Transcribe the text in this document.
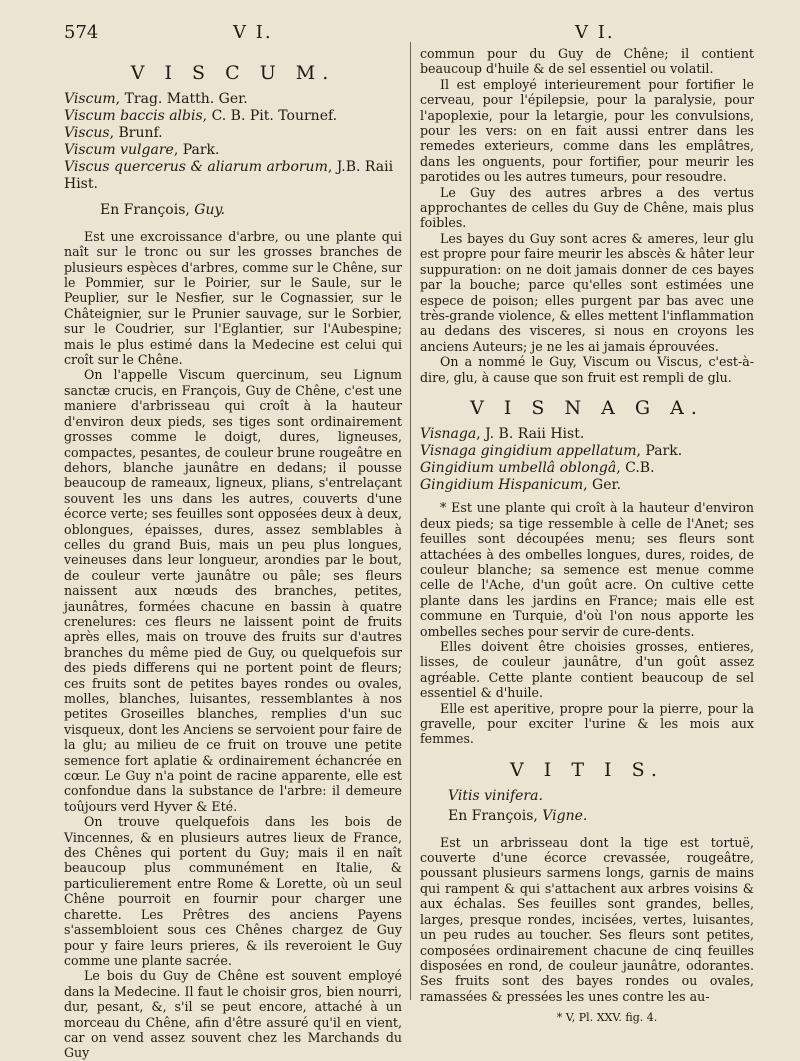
574	V I.	V I.
V I S C U M.
Viscum, Trag. Matth. Ger.
Viscum baccis albis, C. B. Pit. Tournef.
Viscus, Brunf.
Viscum vulgare, Park.
Viscus quercerus & aliarum arborum, J.B. Raii Hist.
En François, Guy.

Est une excroissance d'arbre, ou une plante qui naît sur le tronc ou sur les grosses branches de plusieurs espèces d'arbres, comme sur le Chêne, sur le Pommier, sur le Poirier, sur le Saule, sur le Peuplier, sur le Nesfier, sur le Cognassier, sur le Châteignier, sur le Prunier sauvage, sur le Sorbier, sur le Coudrier, sur l'Eglantier, sur l'Aubespine; mais le plus estimé dans la Medecine est celui qui croît sur le Chêne.

On l'appelle Viscum quercinum, seu Lignum sanctæ crucis, en François, Guy de Chêne, c'est une maniere d'arbrisseau qui croît à la hauteur d'environ deux pieds, ses tiges sont ordinairement grosses comme le doigt, dures, ligneuses, compactes, pesantes, de couleur brune rougeâtre en dehors, blanche jaunâtre en dedans; il pousse beaucoup de rameaux, ligneux, plians, s'entrelaçant souvent les uns dans les autres, couverts d'une écorce verte; ses feuilles sont opposées deux à deux, oblongues, épaisses, dures, assez semblables à celles du grand Buis, mais un peu plus longues, veineuses dans leur longueur, arondies par le bout, de couleur verte jaunâtre ou pâle; ses fleurs naissent aux nœuds des branches, petites, jaunâtres, formées chacune en bassin à quatre crenelures: ces fleurs ne laissent point de fruits après elles, mais on trouve des fruits sur d'autres branches du même pied de Guy, ou quelquefois sur des pieds differens qui ne portent point de fleurs; ces fruits sont de petites bayes rondes ou ovales, molles, blanches, luisantes, ressemblantes à nos petites Groseilles blanches, remplies d'un suc visqueux, dont les Anciens se servoient pour faire de la glu; au milieu de ce fruit on trouve une petite semence fort aplatie & ordinairement échancrée en cœur. Le Guy n'a point de racine apparente, elle est confondue dans la substance de l'arbre: il demeure toûjours verd Hyver & Eté.

On trouve quelquefois dans les bois de Vincennes, & en plusieurs autres lieux de France, des Chênes qui portent du Guy; mais il en naît beaucoup plus communément en Italie, & particulierement entre Rome & Lorette, où un seul Chêne pourroit en fournir pour charger une charette. Les Prêtres des anciens Payens s'assembloient sous ces Chênes chargez de Guy pour y faire leurs prieres, & ils reveroient le Guy comme une plante sacrée.

Le bois du Guy de Chêne est souvent employé dans la Medecine. Il faut le choisir gros, bien nourri, dur, pesant, &, s'il se peut encore, attaché à un morceau du Chêne, afin d'être assuré qu'il en vient, car on vend assez souvent chez les Marchands du Guy

commun pour du Guy de Chêne; il contient beaucoup d'huile & de sel essentiel ou volatil.

Il est employé interieurement pour fortifier le cerveau, pour l'épilepsie, pour la paralysie, pour l'apoplexie, pour la letargie, pour les convulsions, pour les vers: on en fait aussi entrer dans les remedes exterieurs, comme dans les emplâtres, dans les onguents, pour fortifier, pour meurir les parotides ou les autres tumeurs, pour resoudre.

Le Guy des autres arbres a des vertus approchantes de celles du Guy de Chêne, mais plus foibles.

Les bayes du Guy sont acres & ameres, leur glu est propre pour faire meurir les abscès & hâter leur suppuration: on ne doit jamais donner de ces bayes par la bouche; parce qu'elles sont estimées une espece de poison; elles purgent par bas avec une très-grande violence, & elles mettent l'inflammation au dedans des visceres, si nous en croyons les anciens Auteurs; je ne les ai jamais éprouvées.

On a nommé le Guy, Viscum ou Viscus, c'est-à-dire, glu, à cause que son fruit est rempli de glu.

V I S N A G A.
Visnaga, J. B. Raii Hist.
Visnaga gingidium appellatum, Park.
Gingidium umbellâ oblongâ, C.B.
Gingidium Hispanicum, Ger.

* Est une plante qui croît à la hauteur d'environ deux pieds; sa tige ressemble à celle de l'Anet; ses feuilles sont découpées menu; ses fleurs sont attachées à des ombelles longues, dures, roides, de couleur blanche; sa semence est menue comme celle de l'Ache, d'un goût acre. On cultive cette plante dans les jardins en France; mais elle est commune en Turquie, d'où l'on nous apporte les ombelles seches pour servir de cure-dents.

Elles doivent être choisies grosses, entieres, lisses, de couleur jaunâtre, d'un goût assez agréable. Cette plante contient beaucoup de sel essentiel & d'huile.

Elle est aperitive, propre pour la pierre, pour la gravelle, pour exciter l'urine & les mois aux femmes.

V I T I S.
Vitis vinifera.
En François, Vigne.

Est un arbrisseau dont la tige est tortuë, couverte d'une écorce crevassée, rougeâtre, poussant plusieurs sarmens longs, garnis de mains qui rampent & qui s'attachent aux arbres voisins & aux échalas. Ses feuilles sont grandes, belles, larges, presque rondes, incisées, vertes, luisantes, un peu rudes au toucher. Ses fleurs sont petites, composées ordinairement chacune de cinq feuilles disposées en rond, de couleur jaunâtre, odorantes. Ses fruits sont des bayes rondes ou ovales, ramassées & pressées les unes contre les au-

* V, Pl. XXV. fig. 4.
